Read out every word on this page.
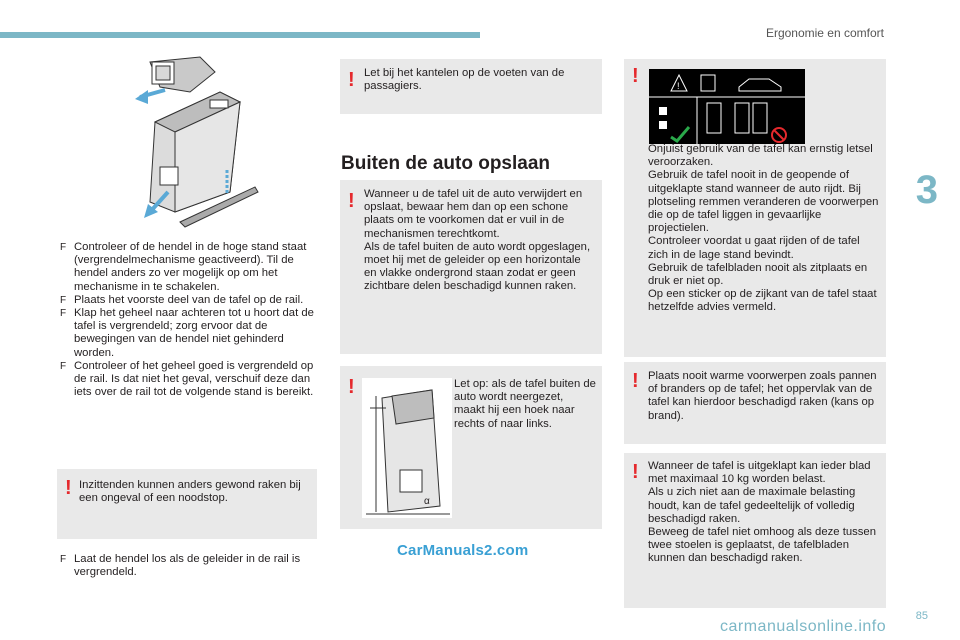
Ergonomie en comfort
3
F Controleer of de hendel in de hoge stand staat (vergrendelmechanisme geactiveerd). Til de hendel anders zo ver mogelijk op om het mechanisme in te schakelen.
F Plaats het voorste deel van de tafel op de rail.
F Klap het geheel naar achteren tot u hoort dat de tafel is vergrendeld; zorg ervoor dat de bewegingen van de hendel niet gehinderd worden.
F Controleer of het geheel goed is vergrendeld op de rail. Is dat niet het geval, verschuif deze dan iets over de rail tot de volgende stand is bereikt.
! Inzittenden kunnen anders gewond raken bij een ongeval of een noodstop.
F Laat de hendel los als de geleider in de rail is vergrendeld.
! Let bij het kantelen op de voeten van de passagiers.
Buiten de auto opslaan
! Wanneer u de tafel uit de auto verwijdert en opslaat, bewaar hem dan op een schone plaats om te voorkomen dat er vuil in de mechanismen terechtkomt.
Als de tafel buiten de auto wordt opgeslagen, moet hij met de geleider op een horizontale en vlakke ondergrond staan zodat er geen zichtbare delen beschadigd kunnen raken.
!
α
Let op: als de tafel buiten de auto wordt neergezet, maakt hij een hoek naar rechts of naar links.
CarManuals2.com
!	!
Onjuist gebruik van de tafel kan ernstig letsel veroorzaken.
Gebruik de tafel nooit in de geopende of uitgeklapte stand wanneer de auto rijdt. Bij plotseling remmen veranderen de voorwerpen die op de tafel liggen in gevaarlijke projectielen.
Controleer voordat u gaat rijden of de tafel zich in de lage stand bevindt.
Gebruik de tafelbladen nooit als zitplaats en druk er niet op.
Op een sticker op de zijkant van de tafel staat hetzelfde advies vermeld.
! Plaats nooit warme voorwerpen zoals pannen of branders op de tafel; het oppervlak van de tafel kan hierdoor beschadigd raken (kans op brand).
! Wanneer de tafel is uitgeklapt kan ieder blad met maximaal 10 kg worden belast.
Als u zich niet aan de maximale belasting houdt, kan de tafel gedeeltelijk of volledig beschadigd raken.
Beweeg de tafel niet omhoog als deze tussen twee stoelen is geplaatst, de tafelbladen kunnen dan beschadigd raken.
85
carmanualsonline.info
